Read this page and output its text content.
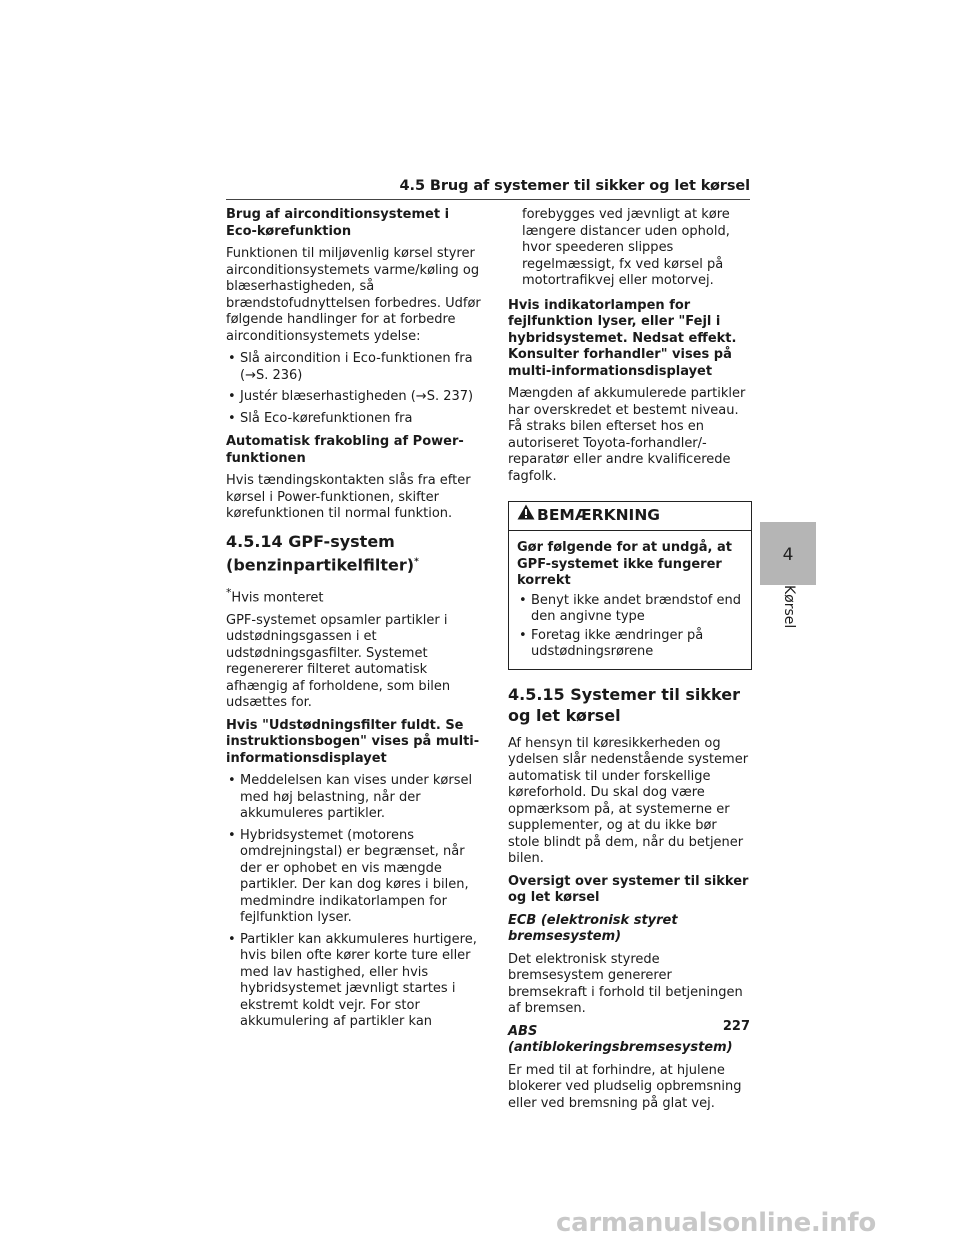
4.5 Brug af systemer til sikker og let kørsel

Brug af airconditionsystemet i Eco-kørefunktion

Funktionen til miljøvenlig kørsel styrer airconditionsystemets varme/køling og blæserhastigheden, så brændstofudnyttelsen forbedres. Udfør følgende handlinger for at forbedre airconditionsystemets ydelse:

• Slå aircondition i Eco-funktionen fra (→S. 236)
• Justér blæserhastigheden (→S. 237)
• Slå Eco-kørefunktionen fra

Automatisk frakobling af Power-funktionen

Hvis tændingskontakten slås fra efter kørsel i Power-funktionen, skifter kørefunktionen til normal funktion.

4.5.14 GPF-system (benzinpartikelfilter)*

*Hvis monteret

GPF-systemet opsamler partikler i udstødningsgassen i et udstødningsgasfilter. Systemet regenererer filteret automatisk afhængig af forholdene, som bilen udsættes for.

Hvis "Udstødningsfilter fuldt. Se instruktionsbogen" vises på multi-informationsdisplayet

• Meddelelsen kan vises under kørsel med høj belastning, når der akkumuleres partikler.
• Hybridsystemet (motorens omdrejningstal) er begrænset, når der er ophobet en vis mængde partikler. Der kan dog køres i bilen, medmindre indikatorlampen for fejlfunktion lyser.
• Partikler kan akkumuleres hurtigere, hvis bilen ofte kører korte ture eller med lav hastighed, eller hvis hybridsystemet jævnligt startes i ekstremt koldt vejr. For stor akkumulering af partikler kan
forebygges ved jævnligt at køre længere distancer uden ophold, hvor speederen slippes regelmæssigt, fx ved kørsel på motortrafikvej eller motorvej.

Hvis indikatorlampen for fejlfunktion lyser, eller "Fejl i hybridsystemet. Nedsat effekt. Konsulter forhandler" vises på multi-informationsdisplayet

Mængden af akkumulerede partikler har overskredet et bestemt niveau. Få straks bilen efterset hos en autoriseret Toyota-forhandler/-reparatør eller andre kvalificerede fagfolk.

BEMÆRKNING

Gør følgende for at undgå, at GPF-systemet ikke fungerer korrekt

• Benyt ikke andet brændstof end den angivne type
• Foretag ikke ændringer på udstødningsrørene
4.5.15 Systemer til sikker og let kørsel

Af hensyn til køresikkerheden og ydelsen slår nedenstående systemer automatisk til under forskellige køreforhold. Du skal dog være opmærksom på, at systemerne er supplementer, og at du ikke bør stole blindt på dem, når du betjener bilen.

Oversigt over systemer til sikker og let kørsel

ECB (elektronisk styret bremsesystem)

Det elektronisk styrede bremsesystem genererer bremsekraft i forhold til betjeningen af bremsen.

ABS (antiblokeringsbremsesystem)

Er med til at forhindre, at hjulene blokerer ved pludselig opbremsning eller ved bremsning på glat vej.

4
Kørsel
227
carmanualsonline.info
